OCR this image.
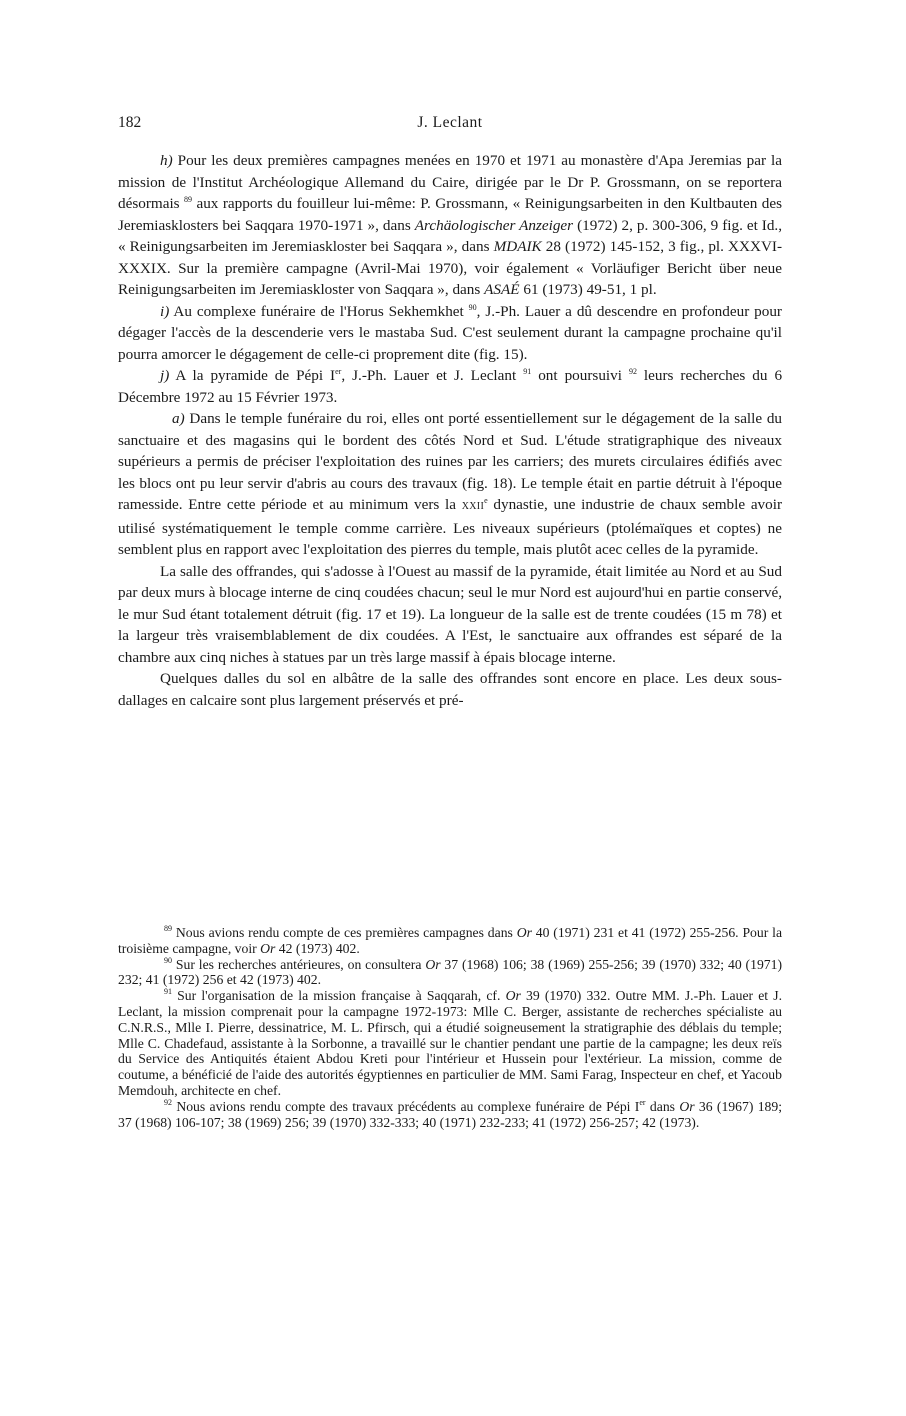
182	J. Leclant

h) Pour les deux premières campagnes menées en 1970 et 1971 au monastère d'Apa Jeremias par la mission de l'Institut Archéologique Allemand du Caire, dirigée par le Dr P. Grossmann, on se reportera désormais $^{89}$ aux rapports du fouilleur lui-même: P. Grossmann, « Reinigungsarbeiten in den Kultbauten des Jeremiasklosters bei Saqqara 1970-1971 », dans Archäologischer Anzeiger (1972) 2, p. 300-306, 9 fig. et Id., « Reinigungsarbeiten im Jeremiaskloster bei Saqqara », dans MDAIK 28 (1972) 145-152, 3 fig., pl. XXXVI-XXXIX. Sur la première campagne (Avril-Mai 1970), voir également « Vorläufiger Bericht über neue Reinigungsarbeiten im Jeremiaskloster von Saqqara », dans ASAÉ 61 (1973) 49-51, 1 pl.

i) Au complexe funéraire de l'Horus Sekhemkhet $^{90}$, J.-Ph. Lauer a dû descendre en profondeur pour dégager l'accès de la descenderie vers le mastaba Sud. C'est seulement durant la campagne prochaine qu'il pourra amorcer le dégagement de celle-ci proprement dite (fig. 15).

j) A la pyramide de Pépi Ier, J.-Ph. Lauer et J. Leclant $^{91}$ ont poursuivi $^{92}$ leurs recherches du 6 Décembre 1972 au 15 Février 1973.

a) Dans le temple funéraire du roi, elles ont porté essentiellement sur le dégagement de la salle du sanctuaire et des magasins qui le bordent des côtés Nord et Sud. L'étude stratigraphique des niveaux supérieurs a permis de préciser l'exploitation des ruines par les carriers; des murets circulaires édifiés avec les blocs ont pu leur servir d'abris au cours des travaux (fig. 18). Le temple était en partie détruit à l'époque ramesside. Entre cette période et au minimum vers la XXIIe dynastie, une industrie de chaux semble avoir utilisé systématiquement le temple comme carrière. Les niveaux supérieurs (ptolémaïques et coptes) ne semblent plus en rapport avec l'exploitation des pierres du temple, mais plutôt acec celles de la pyramide.

La salle des offrandes, qui s'adosse à l'Ouest au massif de la pyramide, était limitée au Nord et au Sud par deux murs à blocage interne de cinq coudées chacun; seul le mur Nord est aujourd'hui en partie conservé, le mur Sud étant totalement détruit (fig. 17 et 19). La longueur de la salle est de trente coudées (15 m 78) et la largeur très vraisemblablement de dix coudées. A l'Est, le sanctuaire aux offrandes est séparé de la chambre aux cinq niches à statues par un très large massif à épais blocage interne.

Quelques dalles du sol en albâtre de la salle des offrandes sont encore en place. Les deux sous-dallages en calcaire sont plus largement préservés et pré-

$^{89}$ Nous avions rendu compte de ces premières campagnes dans Or 40 (1971) 231 et 41 (1972) 255-256. Pour la troisième campagne, voir Or 42 (1973) 402.

$^{90}$ Sur les recherches antérieures, on consultera Or 37 (1968) 106; 38 (1969) 255-256; 39 (1970) 332; 40 (1971) 232; 41 (1972) 256 et 42 (1973) 402.

$^{91}$ Sur l'organisation de la mission française à Saqqarah, cf. Or 39 (1970) 332. Outre MM. J.-Ph. Lauer et J. Leclant, la mission comprenait pour la campagne 1972-1973: Mlle C. Berger, assistante de recherches spécialiste au C.N.R.S., Mlle I. Pierre, dessinatrice, M. L. Pfirsch, qui a étudié soigneusement la stratigraphie des déblais du temple; Mlle C. Chadefaud, assistante à la Sorbonne, a travaillé sur le chantier pendant une partie de la campagne; les deux reïs du Service des Antiquités étaient Abdou Kreti pour l'intérieur et Hussein pour l'extérieur. La mission, comme de coutume, a bénéficié de l'aide des autorités égyptiennes en particulier de MM. Sami Farag, Inspecteur en chef, et Yacoub Memdouh, architecte en chef.

$^{92}$ Nous avions rendu compte des travaux précédents au complexe funéraire de Pépi Ier dans Or 36 (1967) 189; 37 (1968) 106-107; 38 (1969) 256; 39 (1970) 332-333; 40 (1971) 232-233; 41 (1972) 256-257; 42 (1973).
